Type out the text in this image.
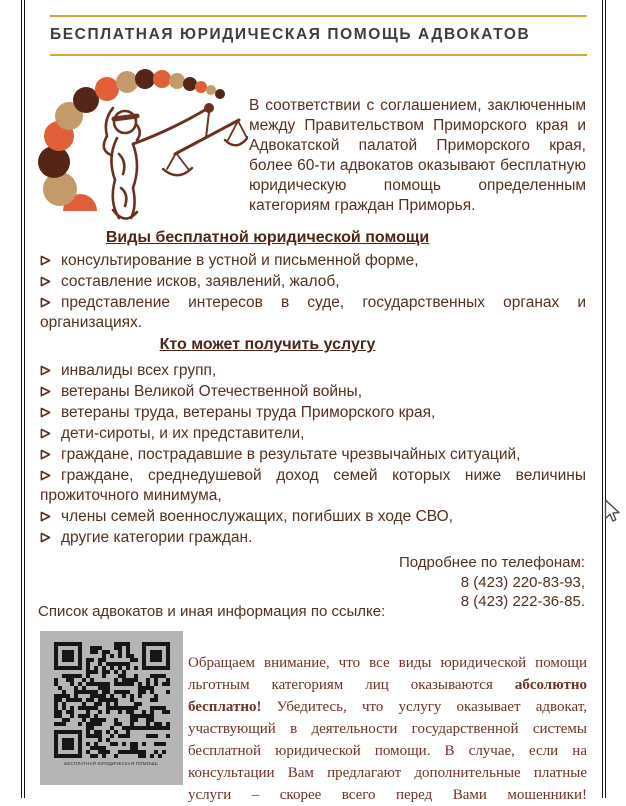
БЕСПЛАТНАЯ ЮРИДИЧЕСКАЯ ПОМОЩЬ АДВОКАТОВ

В соответствии с соглашением, заключенным между Правительством Приморского края и Адвокатской палатой Приморского края, более 60-ти адвокатов оказывают бесплатную юридическую помощь определенным категориям граждан Приморья.

Виды бесплатной юридической помощи
консультирование в устной и письменной форме,
составление исков, заявлений, жалоб,
представление интересов в суде, государственных органах и организациях.
Кто может получить услугу
инвалиды всех групп,
ветераны Великой Отечественной войны,
ветераны труда, ветераны труда Приморского края,
дети-сироты, и их представители,
граждане, пострадавшие в результате чрезвычайных ситуаций,
граждане, среднедушевой доход семей которых ниже величины прожиточного минимума,
члены семей военнослужащих, погибших в ходе СВО,
другие категории граждан.
Подробнее по телефонам:
8 (423) 220-83-93,
8 (423) 222-36-85.
Список адвокатов и иная информация по ссылке:
БЕСПЛАТНАЯ ЮРИДИЧЕСКАЯ ПОМОЩЬ

Обращаем внимание, что все виды юридической помощи льготным категориям лиц оказываются абсолютно бесплатно! Убедитесь, что услугу оказывает адвокат, участвующий в деятельности государственной системы бесплатной юридической помощи. В случае, если на консультации Вам предлагают дополнительные платные услуги – скорее всего перед Вами мошенники!
